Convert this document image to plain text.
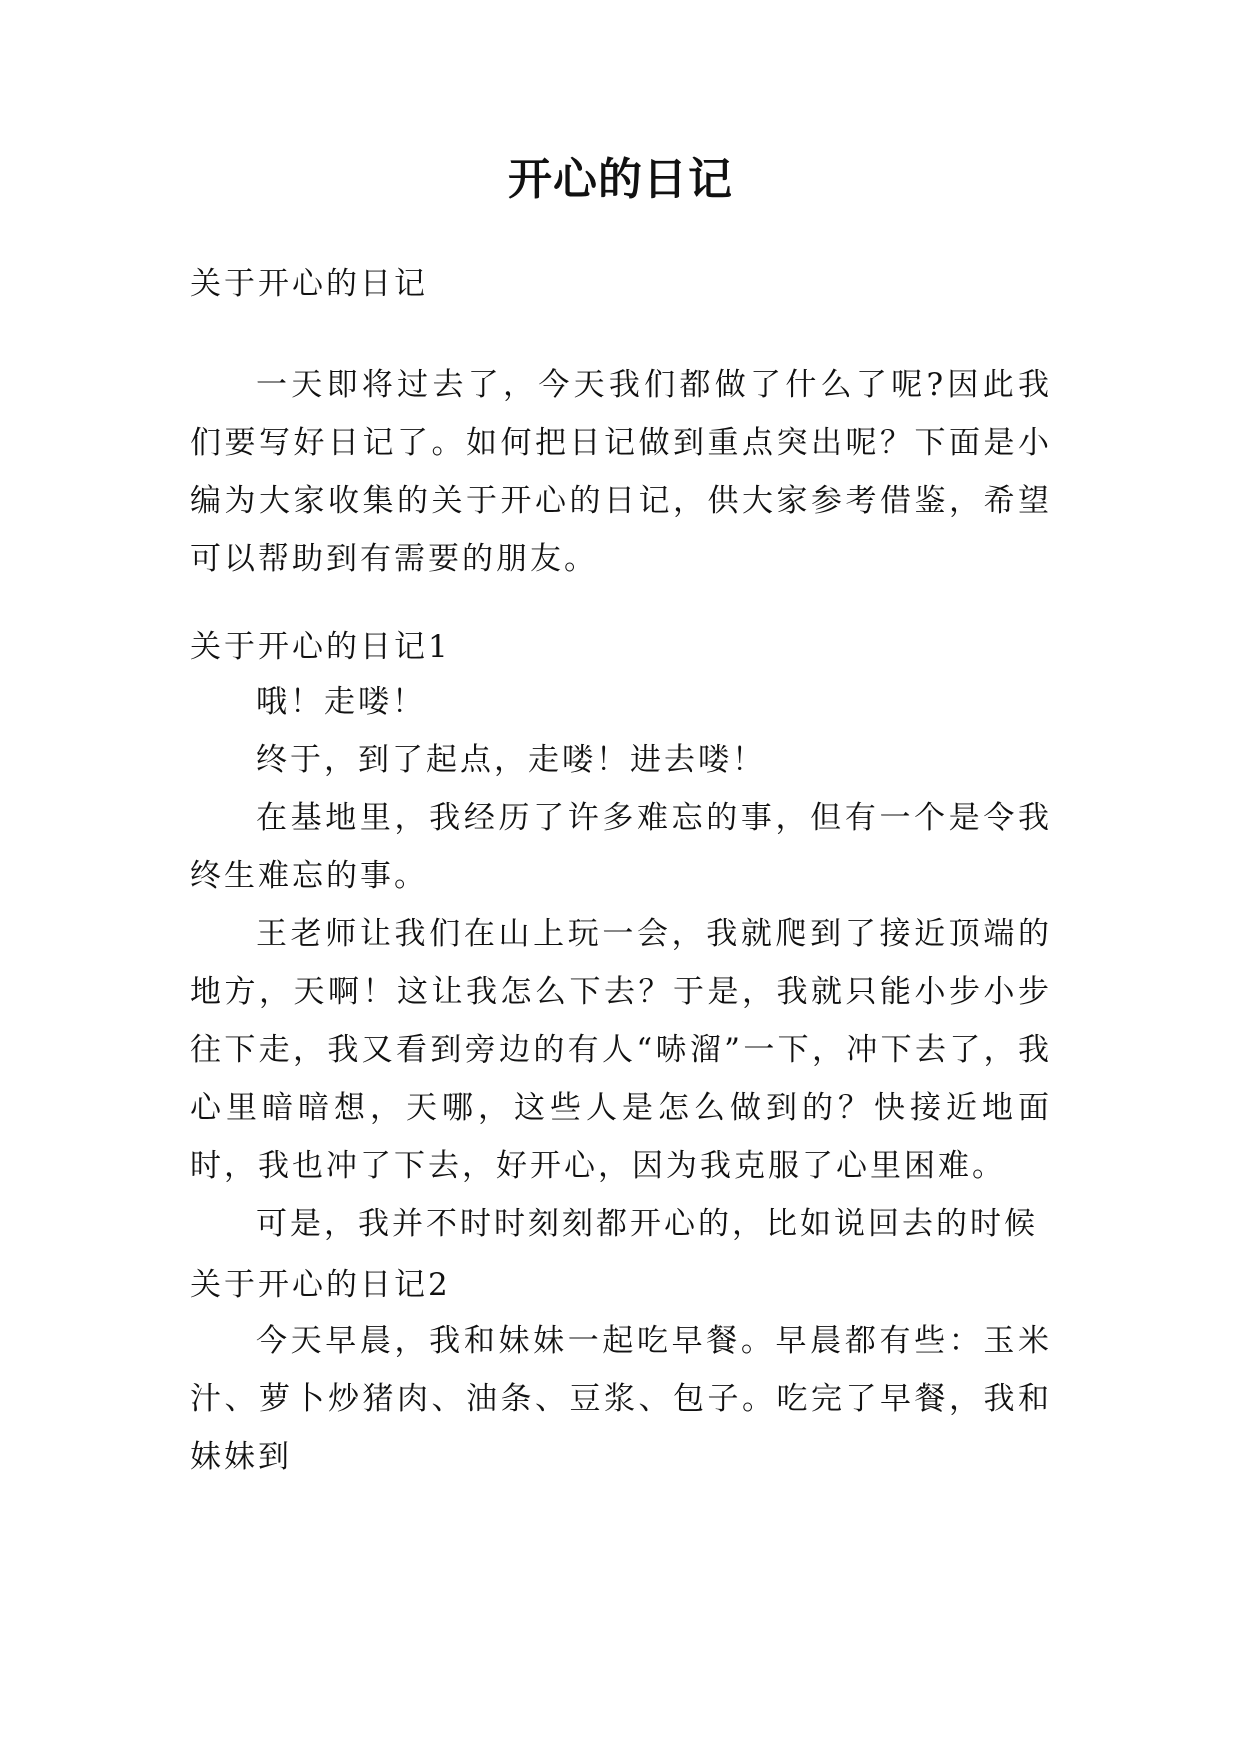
开心的日记
关于开心的日记

一天即将过去了，今天我们都做了什么了呢?因此我们要写好日记了。如何把日记做到重点突出呢？下面是小编为大家收集的关于开心的日记，供大家参考借鉴，希望可以帮助到有需要的朋友。

关于开心的日记1

哦！走喽！

终于，到了起点，走喽！进去喽！

在基地里，我经历了许多难忘的事，但有一个是令我终生难忘的事。

王老师让我们在山上玩一会，我就爬到了接近顶端的地方，天啊！这让我怎么下去？于是，我就只能小步小步往下走，我又看到旁边的有人“哧溜”一下，冲下去了，我心里暗暗想，天哪，这些人是怎么做到的？快接近地面时，我也冲了下去，好开心，因为我克服了心里困难。

可是，我并不时时刻刻都开心的，比如说回去的时候

关于开心的日记2

今天早晨，我和妹妹一起吃早餐。早晨都有些：玉米汁、萝卜炒猪肉、油条、豆浆、包子。吃完了早餐，我和妹妹到
